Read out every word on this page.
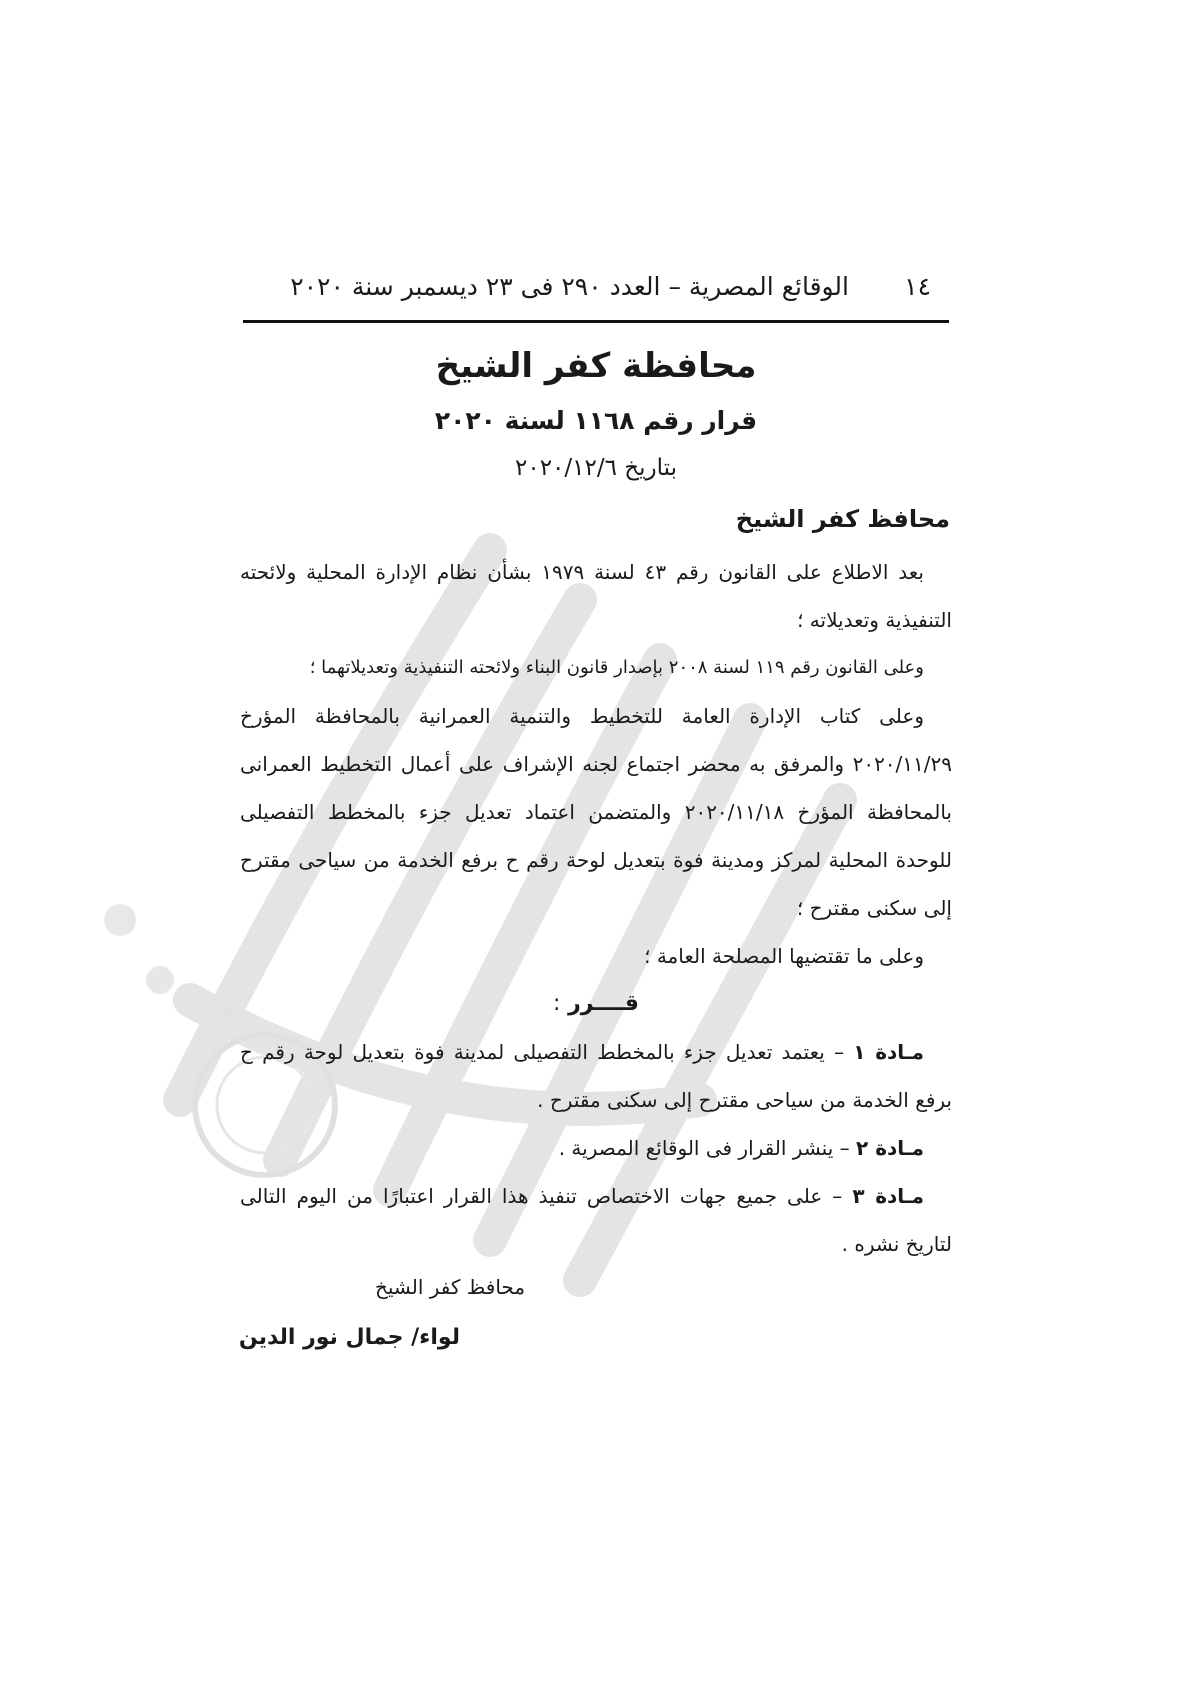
١٤
الوقائع المصرية – العدد ٢٩٠ فى ٢٣ ديسمبر سنة ٢٠٢٠
محافظة كفر الشيخ
قرار رقم ١١٦٨ لسنة ٢٠٢٠
بتاريخ ٢٠٢٠/١٢/٦
محافظ كفر الشيخ

بعد الاطلاع على القانون رقم ٤٣ لسنة ١٩٧٩ بشأن نظام الإدارة المحلية ولائحته التنفيذية وتعديلاته ؛

وعلى القانون رقم ١١٩ لسنة ٢٠٠٨ بإصدار قانون البناء ولائحته التنفيذية وتعديلاتهما ؛

وعلى كتاب الإدارة العامة للتخطيط والتنمية العمرانية بالمحافظة المؤرخ ٢٠٢٠/١١/٢٩ والمرفق به محضر اجتماع لجنه الإشراف على أعمال التخطيط العمرانى بالمحافظة المؤرخ ٢٠٢٠/١١/١٨ والمتضمن اعتماد تعديل جزء بالمخطط التفصيلى للوحدة المحلية لمركز ومدينة فوة بتعديل لوحة رقم ح برفع الخدمة من سياحى مقترح إلى سكنى مقترح ؛

وعلى ما تقتضيها المصلحة العامة ؛

قــــرر :

مـادة ١ – يعتمد تعديل جزء بالمخطط التفصيلى لمدينة فوة بتعديل لوحة رقم ح برفع الخدمة من سياحى مقترح إلى سكنى مقترح .

مـادة ٢ – ينشر القرار فى الوقائع المصرية .

مـادة ٣ – على جميع جهات الاختصاص تنفيذ هذا القرار اعتبارًا من اليوم التالى لتاريخ نشره .

محافظ كفر الشيخ
لواء/ جمال نور الدين
